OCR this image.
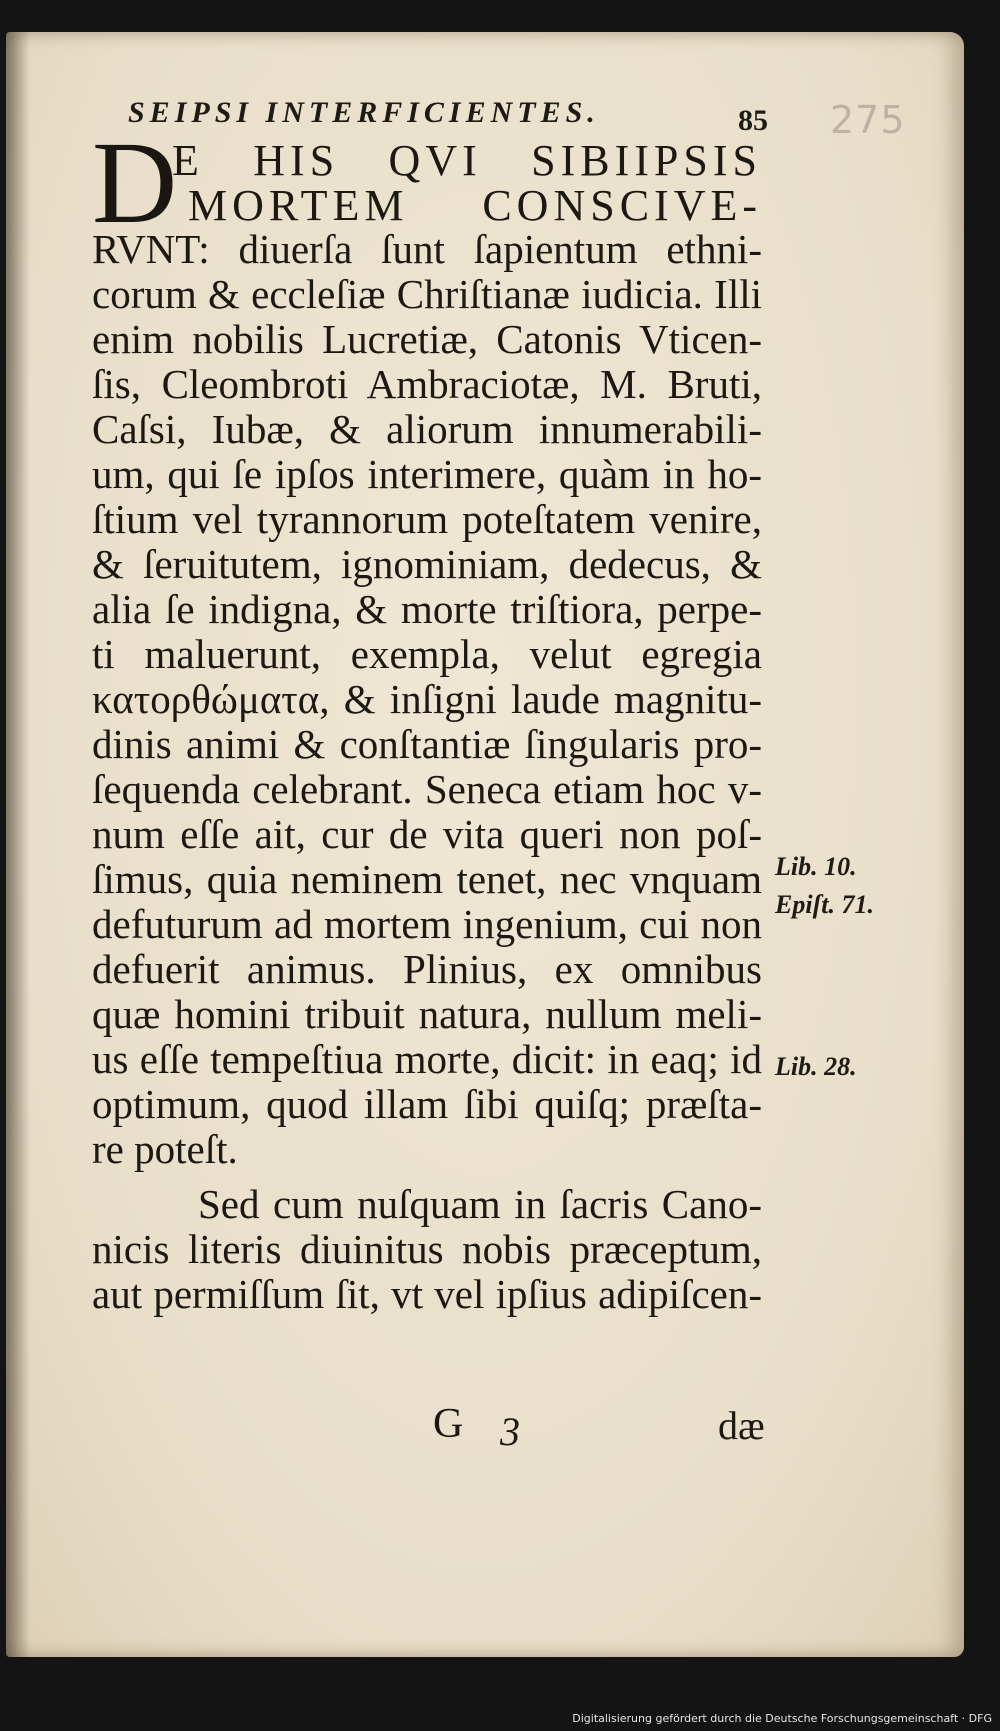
275
SEIPSI INTERFICIENTES.	85
D
E HIS QVI SIBIIPSIS
MORTEM CONSCIVE-
RVNT: diuerſa ſunt ſapientum ethni-
corum & eccleſiæ Chriſtianæ iudicia. Illi
enim nobilis Lucretiæ, Catonis Vticen-
ſis, Cleombroti Ambraciotæ, M. Bruti,
Caſsi, Iubæ, & aliorum innumerabili-
um, qui ſe ipſos interimere, quàm in ho-
ſtium vel tyrannorum poteſtatem venire,
& ſeruitutem, ignominiam, dedecus, &
alia ſe indigna, & morte triſtiora, perpe-
ti maluerunt, exempla, velut egregia
κατορθώματα, & inſigni laude magnitu-
dinis animi & conſtantiæ ſingularis pro-
ſequenda celebrant. Seneca etiam hoc v-
num eſſe ait, cur de vita queri non poſ-
ſimus, quia neminem tenet, nec vnquam
defuturum ad mortem ingenium, cui non
defuerit animus. Plinius, ex omnibus
quæ homini tribuit natura, nullum meli-
us eſſe tempeſtiua morte, dicit: in eaq; id
optimum, quod illam ſibi quiſq; præſta-
re poteſt.
Sed cum nuſquam in ſacris Cano-
nicis literis diuinitus nobis præceptum,
aut permiſſum ſit, vt vel ipſius adipiſcen-
Lib. 10.
Epiſt. 71.
Lib. 28.
G 3	dæ
Digitalisierung gefördert durch die Deutsche Forschungsgemeinschaft · DFG
